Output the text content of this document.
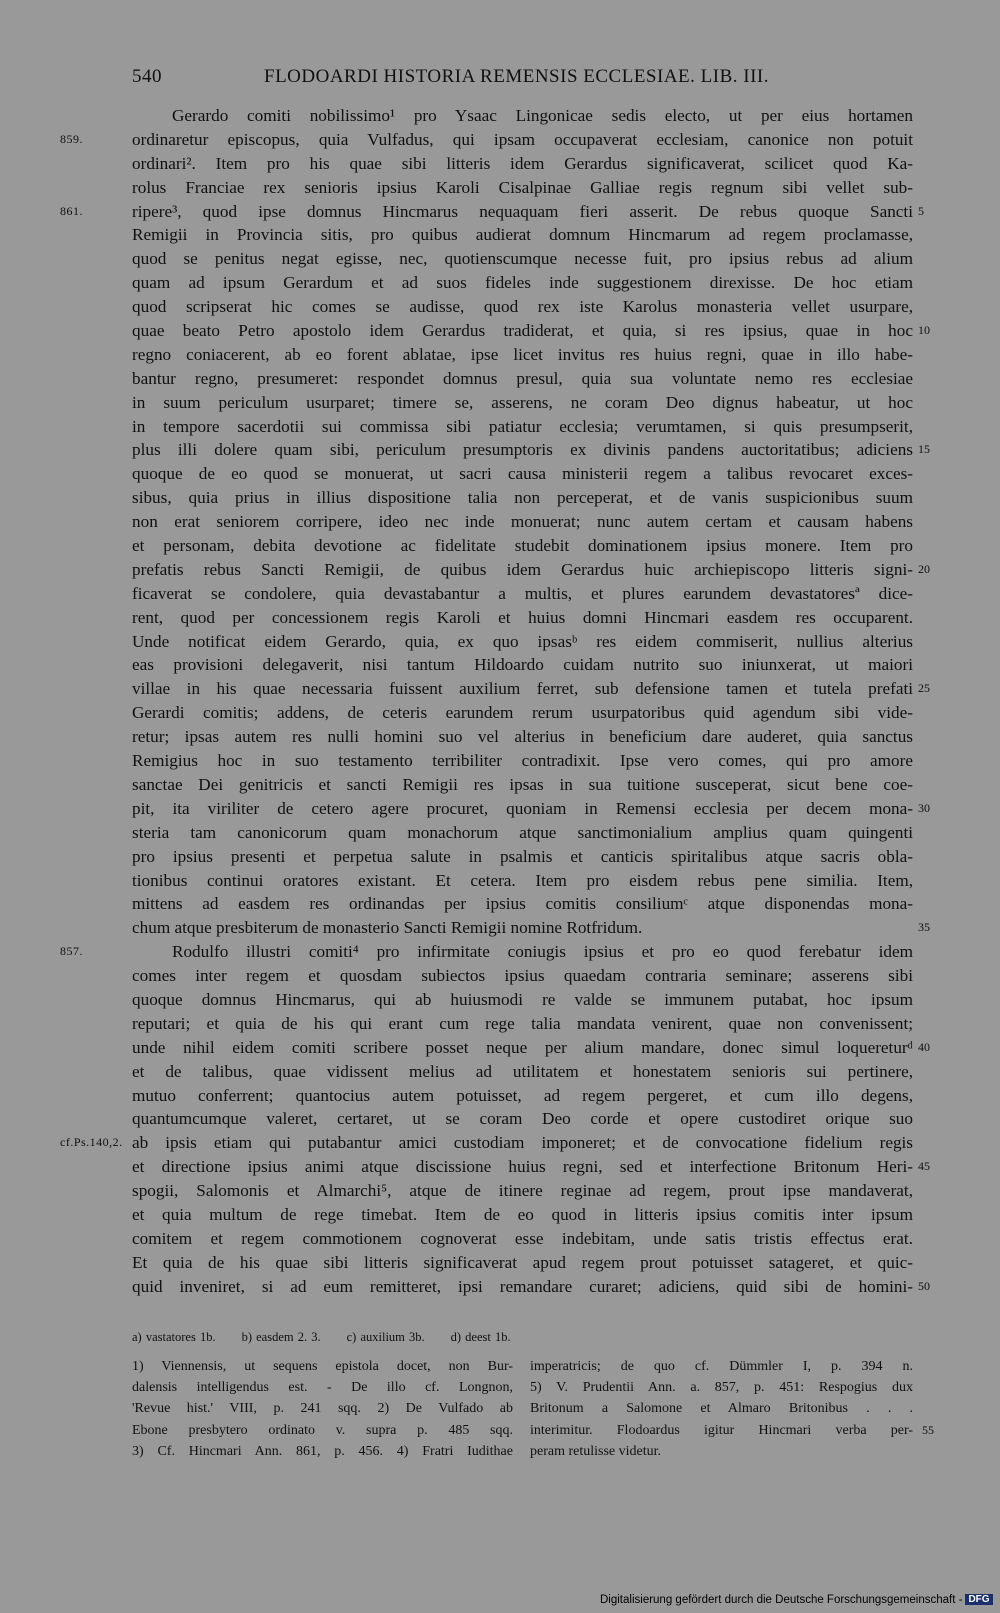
540	FLODOARDI HISTORIA REMENSIS ECCLESIAE. LIB. III.
Gerardo comiti nobilissimo¹ pro Ysaac Lingonicae sedis electo, ut per eius hortamen
ordinaretur episcopus, quia Vulfadus, qui ipsam occupaverat ecclesiam, canonice non potuit
859.
ordinari². Item pro his quae sibi litteris idem Gerardus significaverat, scilicet quod Ka-
rolus Franciae rex senioris ipsius Karoli Cisalpinae Galliae regis regnum sibi vellet sub-
ripere³, quod ipse domnus Hincmarus nequaquam fieri asserit. De rebus quoque Sancti
861.	5
Remigii in Provincia sitis, pro quibus audierat domnum Hincmarum ad regem proclamasse,
quod se penitus negat egisse, nec, quotienscumque necesse fuit, pro ipsius rebus ad alium
quam ad ipsum Gerardum et ad suos fideles inde suggestionem direxisse. De hoc etiam
quod scripserat hic comes se audisse, quod rex iste Karolus monasteria vellet usurpare,
quae beato Petro apostolo idem Gerardus tradiderat, et quia, si res ipsius, quae in hoc 10
regno coniacerent, ab eo forent ablatae, ipse licet invitus res huius regni, quae in illo habe-
bantur regno, presumeret: respondet domnus presul, quia sua voluntate nemo res ecclesiae
in suum periculum usurparet; timere se, asserens, ne coram Deo dignus habeatur, ut hoc
in tempore sacerdotii sui commissa sibi patiatur ecclesia; verumtamen, si quis presumpserit,
plus illi dolere quam sibi, periculum presumptoris ex divinis pandens auctoritatibus; adiciens 15
quoque de eo quod se monuerat, ut sacri causa ministerii regem a talibus revocaret exces-
sibus, quia prius in illius dispositione talia non perceperat, et de vanis suspicionibus suum
non erat seniorem corripere, ideo nec inde monuerat; nunc autem certam et causam habens
et personam, debita devotione ac fidelitate studebit dominationem ipsius monere. Item pro
prefatis rebus Sancti Remigii, de quibus idem Gerardus huic archiepiscopo litteris signi- 20
ficaverat se condolere, quia devastabantur a multis, et plures earundem devastatoresª dice-
rent, quod per concessionem regis Karoli et huius domni Hincmari easdem res occuparent.
Unde notificat eidem Gerardo, quia, ex quo ipsasᵇ res eidem commiserit, nullius alterius
eas provisioni delegaverit, nisi tantum Hildoardo cuidam nutrito suo iniunxerat, ut maiori
villae in his quae necessaria fuissent auxilium ferret, sub defensione tamen et tutela prefati 25
Gerardi comitis; addens, de ceteris earundem rerum usurpatoribus quid agendum sibi vide-
retur; ipsas autem res nulli homini suo vel alterius in beneficium dare auderet, quia sanctus
Remigius hoc in suo testamento terribiliter contradixit. Ipse vero comes, qui pro amore
sanctae Dei genitricis et sancti Remigii res ipsas in sua tuitione susceperat, sicut bene coe-
pit, ita viriliter de cetero agere procuret, quoniam in Remensi ecclesia per decem mona- 30
steria tam canonicorum quam monachorum atque sanctimonialium amplius quam quingenti
pro ipsius presenti et perpetua salute in psalmis et canticis spiritalibus atque sacris obla-
tionibus continui oratores existant. Et cetera. Item pro eisdem rebus pene similia. Item,
mittens ad easdem res ordinandas per ipsius comitis consiliumᶜ atque disponendas mona-
chum atque presbiterum de monasterio Sancti Remigii nomine Rotfridum.	35
Rodulfo illustri comiti⁴ pro infirmitate coniugis ipsius et pro eo quod ferebatur idem
857.
comes inter regem et quosdam subiectos ipsius quaedam contraria seminare; asserens sibi
quoque domnus Hincmarus, qui ab huiusmodi re valde se immunem putabat, hoc ipsum
reputari; et quia de his qui erant cum rege talia mandata venirent, quae non convenissent;
unde nihil eidem comiti scribere posset neque per alium mandare, donec simul loquereturᵈ 40
et de talibus, quae vidissent melius ad utilitatem et honestatem senioris sui pertinere,
mutuo conferrent; quantocius autem potuisset, ad regem pergeret, et cum illo degens,
quantumcumque valeret, certaret, ut se coram Deo corde et opere custodiret orique suo
ab ipsis etiam qui putabantur amici custodiam imponeret; et de convocatione fidelium regis
cf.Ps.140,2.
et directione ipsius animi atque discissione huius regni, sed et interfectione Britonum Heri- 45
spogii, Salomonis et Almarchi⁵, atque de itinere reginae ad regem, prout ipse mandaverat,
et quia multum de rege timebat. Item de eo quod in litteris ipsius comitis inter ipsum
comitem et regem commotionem cognoverat esse indebitam, unde satis tristis effectus erat.
Et quia de his quae sibi litteris significaverat apud regem prout potuisset satageret, et quic-
quid inveniret, si ad eum remitteret, ipsi remandare curaret; adiciens, quid sibi de homini- 50
a) vastatores 1b. b) easdem 2. 3. c) auxilium 3b. d) deest 1b.
1) Viennensis, ut sequens epistola docet, non Bur-
dalensis intelligendus est. - De illo cf. Longnon,
'Revue hist.' VIII, p. 241 sqq. 2) De Vulfado ab
Ebone presbytero ordinato v. supra p. 485 sqq.
3) Cf. Hincmari Ann. 861, p. 456. 4) Fratri Iudithae
imperatricis; de quo cf. Dümmler I, p. 394 n.
5) V. Prudentii Ann. a. 857, p. 451: Respogius dux
Britonum a Salomone et Almaro Britonibus . . .
interimitur. Flodoardus igitur Hincmari verba per- 55
peram retulisse videtur.
Digitalisierung gefördert durch die Deutsche Forschungsgemeinschaft - DFG
